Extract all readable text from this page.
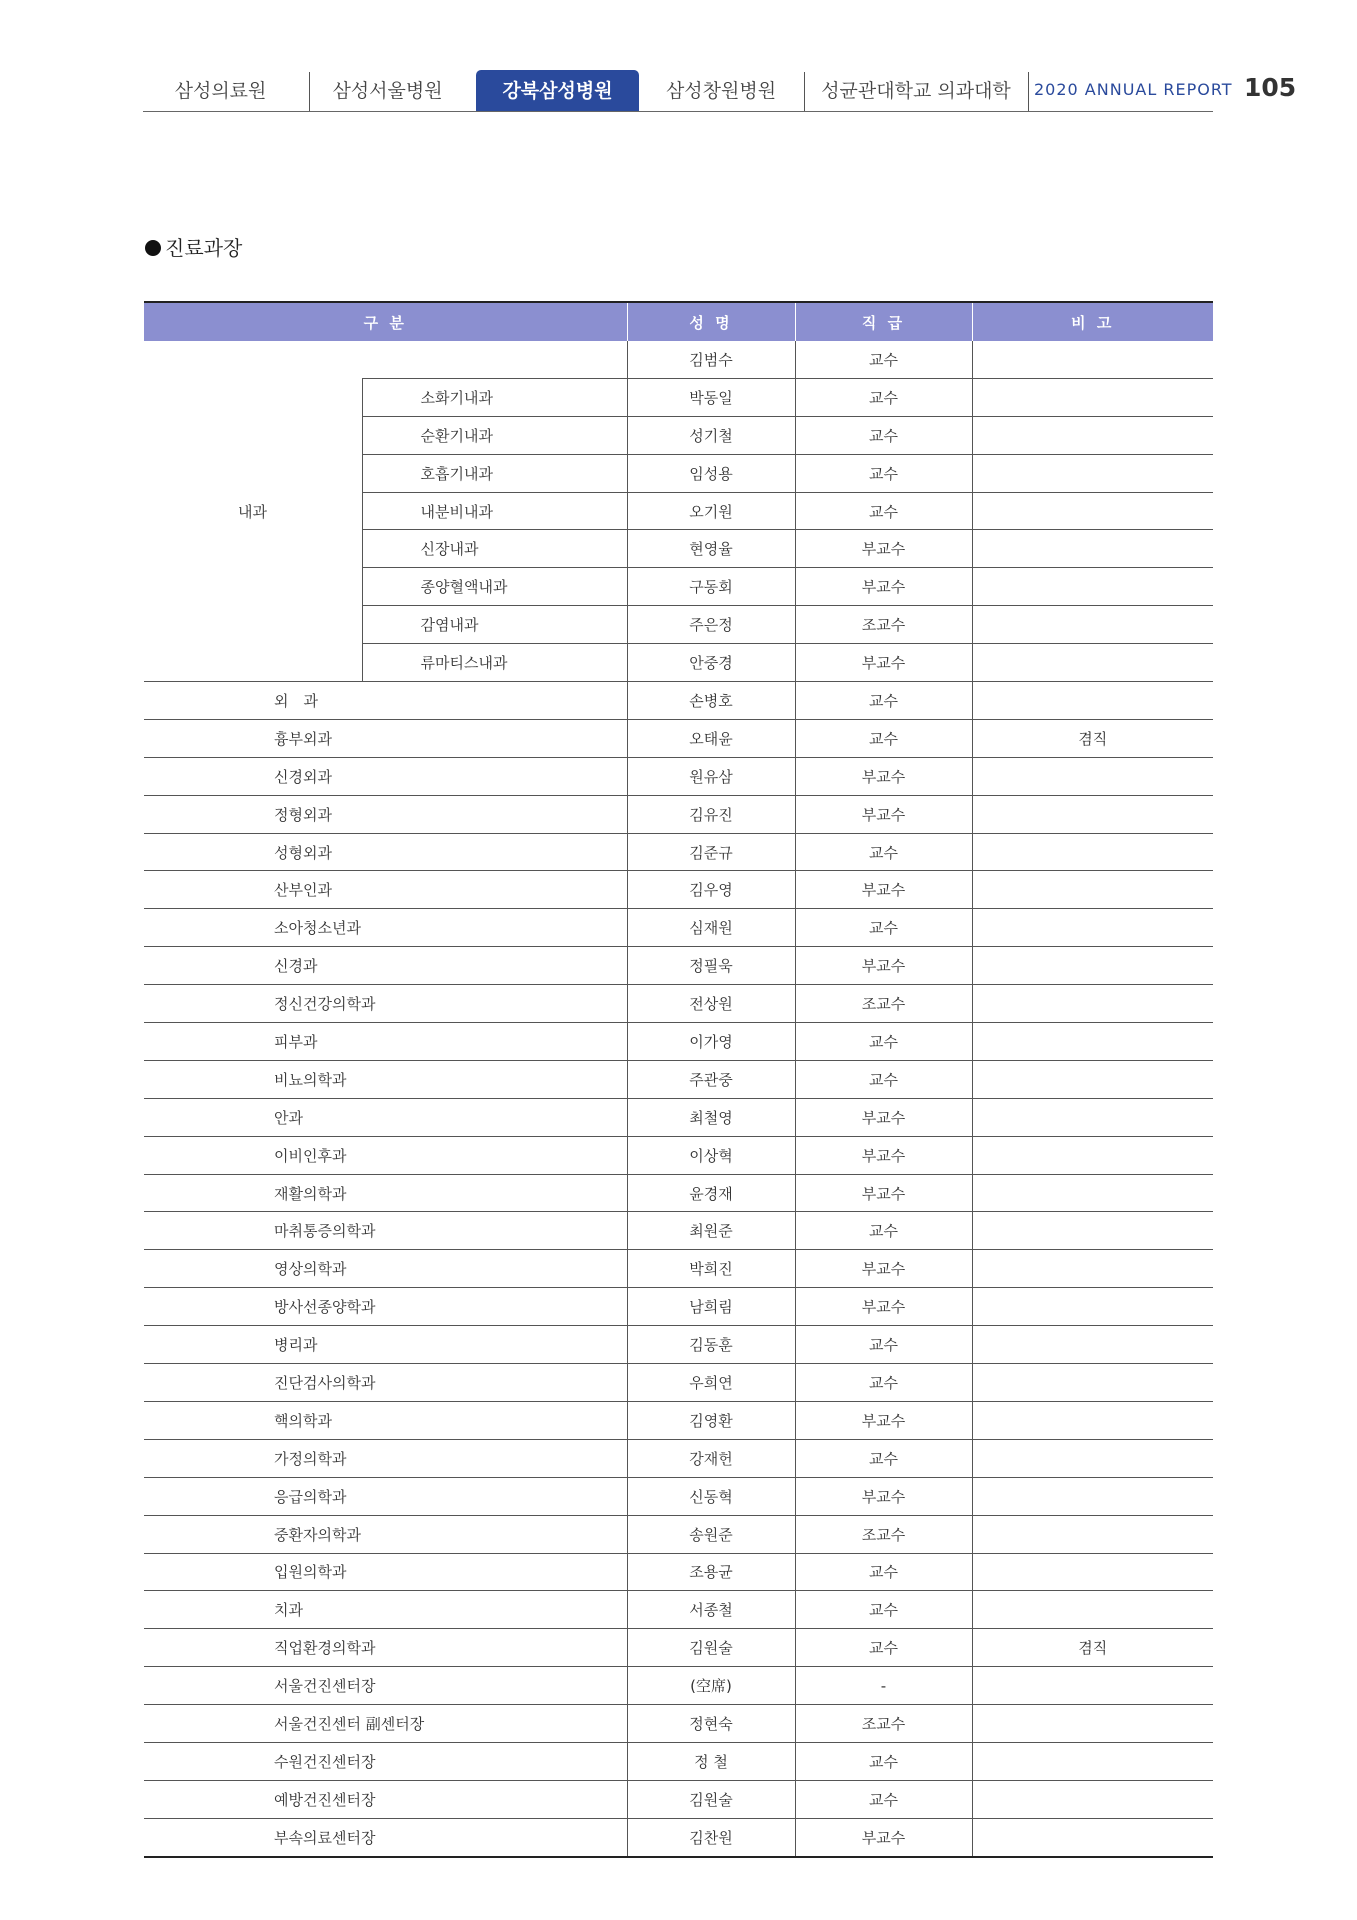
삼성의료원	삼성서울병원	강북삼성병원	삼성창원병원	성균관대학교 의과대학	2020 ANNUAL REPORT 105
진료과장
구 분		성 명	직 급	비 고
내과		김범수	교수	
	소화기내과	박동일	교수	
	순환기내과	성기철	교수	
	호흡기내과	임성용	교수	
	내분비내과	오기원	교수	
	신장내과	현영율	부교수	
	종양혈액내과	구동회	부교수	
	감염내과	주은정	조교수	
	류마티스내과	안중경	부교수	
외　과		손병호	교수	
흉부외과		오태윤	교수	겸직
신경외과		원유삼	부교수	
정형외과		김유진	부교수	
성형외과		김준규	교수	
산부인과		김우영	부교수	
소아청소년과		심재원	교수	
신경과		정필욱	부교수	
정신건강의학과		전상원	조교수	
피부과		이가영	교수	
비뇨의학과		주관중	교수	
안과		최철영	부교수	
이비인후과		이상혁	부교수	
재활의학과		윤경재	부교수	
마취통증의학과		최원준	교수	
영상의학과		박희진	부교수	
방사선종양학과		남희림	부교수	
병리과		김동훈	교수	
진단검사의학과		우희연	교수	
핵의학과		김영환	부교수	
가정의학과		강재헌	교수	
응급의학과		신동혁	부교수	
중환자의학과		송원준	조교수	
입원의학과		조용균	교수	
치과		서종철	교수	
직업환경의학과		김원술	교수	겸직
서울건진센터장		(空席)	-	
서울건진센터 副센터장		정현숙	조교수	
수원건진센터장		정 철	교수	
예방건진센터장		김원술	교수	
부속의료센터장		김찬원	부교수	
